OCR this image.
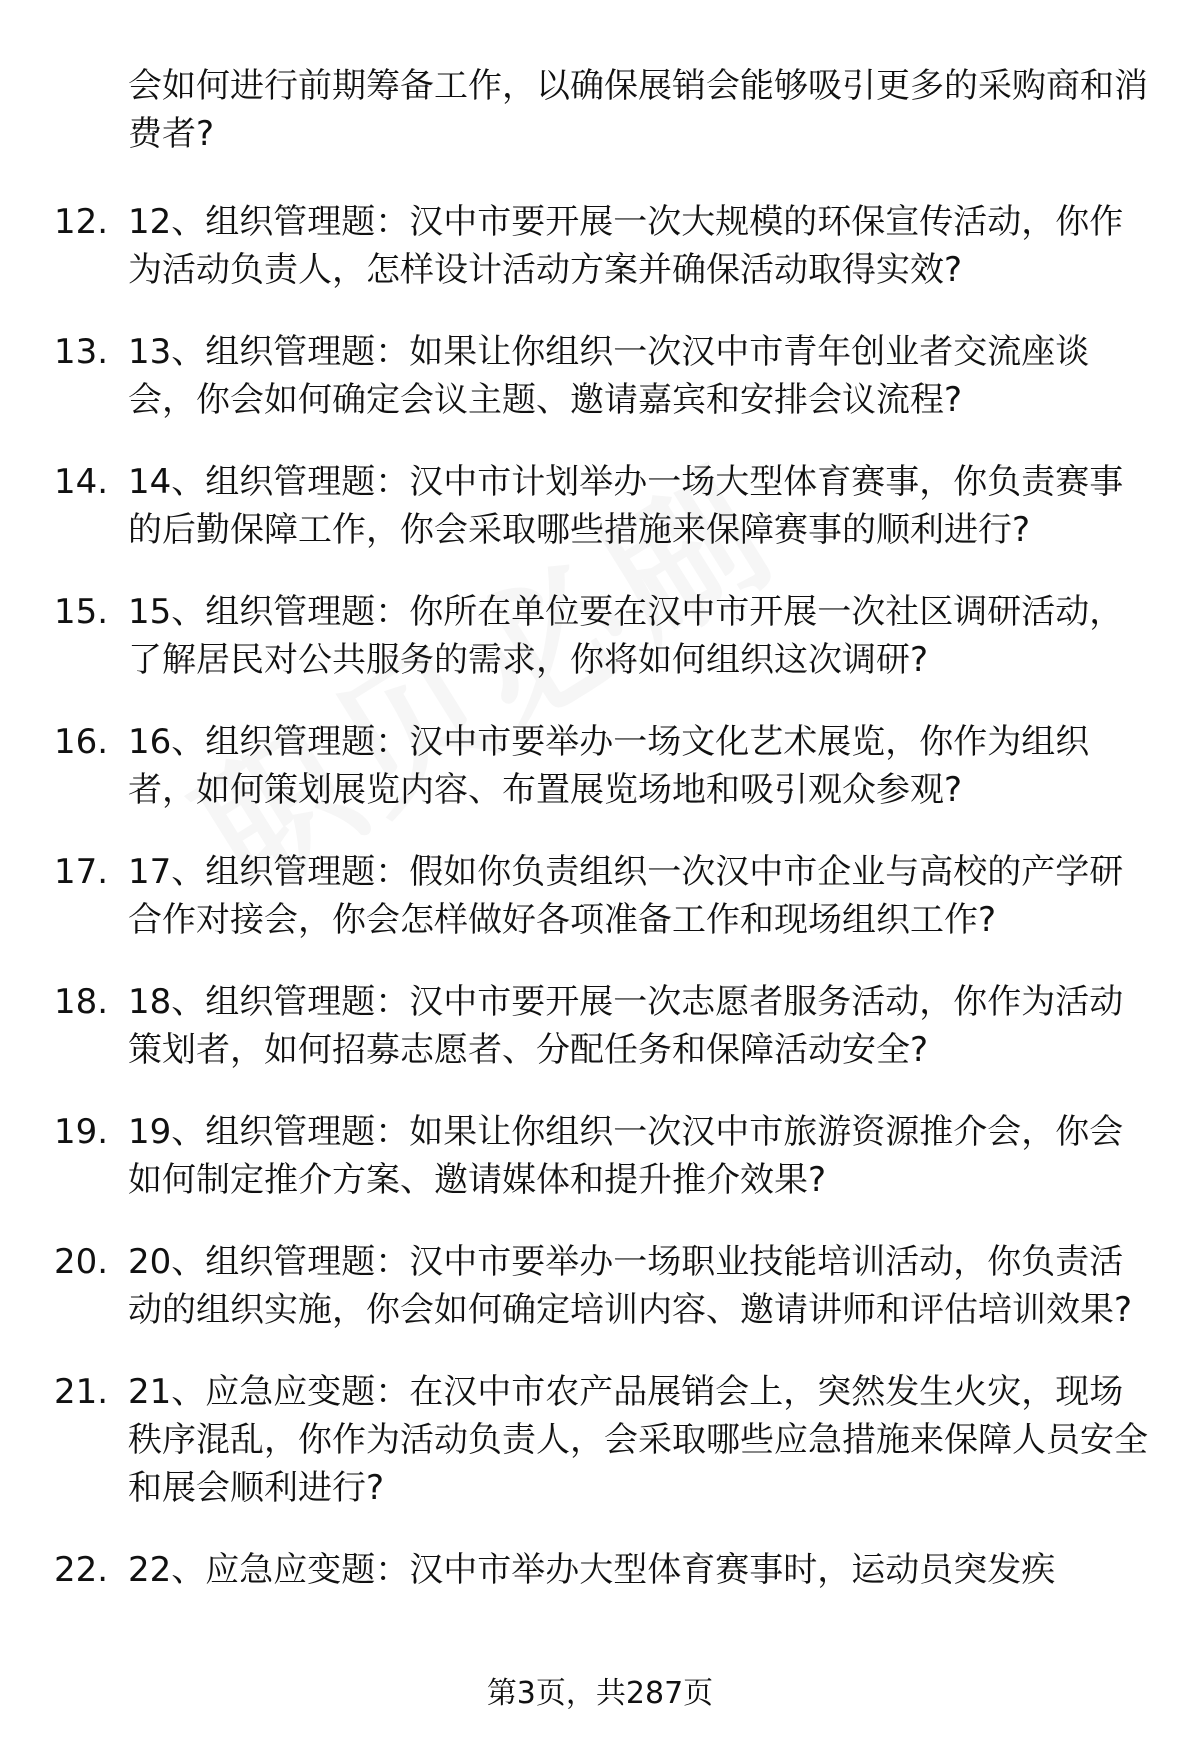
会如何进行前期筹备工作，以确保展销会能够吸引更多的采购商和消费者?

12. 12、组织管理题：汉中市要开展一次大规模的环保宣传活动，你作为活动负责人，怎样设计活动方案并确保活动取得实效?
13. 13、组织管理题：如果让你组织一次汉中市青年创业者交流座谈会，你会如何确定会议主题、邀请嘉宾和安排会议流程?
14. 14、组织管理题：汉中市计划举办一场大型体育赛事，你负责赛事的后勤保障工作，你会采取哪些措施来保障赛事的顺利进行?
15. 15、组织管理题：你所在单位要在汉中市开展一次社区调研活动，了解居民对公共服务的需求，你将如何组织这次调研?
16. 16、组织管理题：汉中市要举办一场文化艺术展览，你作为组织者，如何策划展览内容、布置展览场地和吸引观众参观?
17. 17、组织管理题：假如你负责组织一次汉中市企业与高校的产学研合作对接会，你会怎样做好各项准备工作和现场组织工作?
18. 18、组织管理题：汉中市要开展一次志愿者服务活动，你作为活动策划者，如何招募志愿者、分配任务和保障活动安全?
19. 19、组织管理题：如果让你组织一次汉中市旅游资源推介会，你会如何制定推介方案、邀请媒体和提升推介效果?
20. 20、组织管理题：汉中市要举办一场职业技能培训活动，你负责活动的组织实施，你会如何确定培训内容、邀请讲师和评估培训效果?
21. 21、应急应变题：在汉中市农产品展销会上，突然发生火灾，现场秩序混乱，你作为活动负责人，会采取哪些应急措施来保障人员安全和展会顺利进行?
22. 22、应急应变题：汉中市举办大型体育赛事时，运动员突发疾
第3页，共287页
